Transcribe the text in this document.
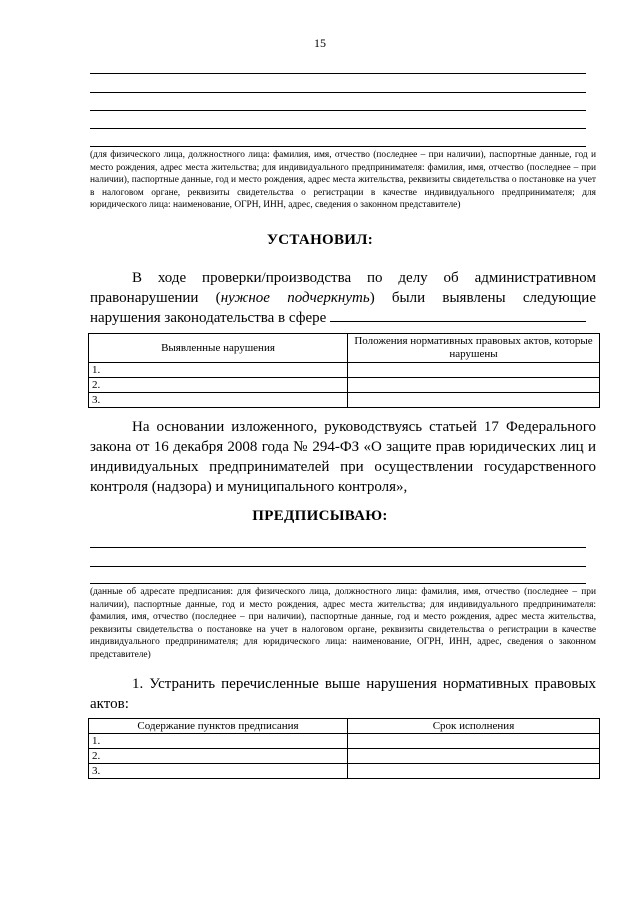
15
(для физического лица, должностного лица: фамилия, имя, отчество (последнее – при наличии), паспортные данные, год и место рождения, адрес места жительства; для индивидуального предпринимателя: фамилия, имя, отчество (последнее – при наличии), паспортные данные, год и место рождения, адрес места жительства, реквизиты свидетельства о постановке на учет в налоговом органе, реквизиты свидетельства о регистрации в качестве индивидуального предпринимателя; для юридического лица: наименование, ОГРН, ИНН, адрес, сведения о законном представителе)
УСТАНОВИЛ:
В ходе проверки/производства по делу об административном
правонарушении (нужное подчеркнуть) были выявлены следующие
нарушения законодательства в сфере
Выявленные нарушения	Положения нормативных правовых актов, которые нарушены
1.	
2.	
3.	
На основании изложенного, руководствуясь статьей 17 Федерального
закона от 16 декабря 2008 года № 294-ФЗ «О защите прав юридических лиц и
индивидуальных предпринимателей при осуществлении государственного
контроля (надзора) и муниципального контроля»,
ПРЕДПИСЫВАЮ:
(данные об адресате предписания: для физического лица, должностного лица: фамилия, имя, отчество (последнее – при наличии), паспортные данные, год и место рождения, адрес места жительства; для индивидуального предпринимателя: фамилия, имя, отчество (последнее – при наличии), паспортные данные, год и место рождения, адрес места жительства, реквизиты свидетельства о постановке на учет в налоговом органе, реквизиты свидетельства о регистрации в качестве индивидуального предпринимателя; для юридического лица: наименование, ОГРН, ИНН, адрес, сведения о законном представителе)
1. Устранить перечисленные выше нарушения нормативных правовых
актов:
Содержание пунктов предписания	Срок исполнения
1.	
2.	
3.	
